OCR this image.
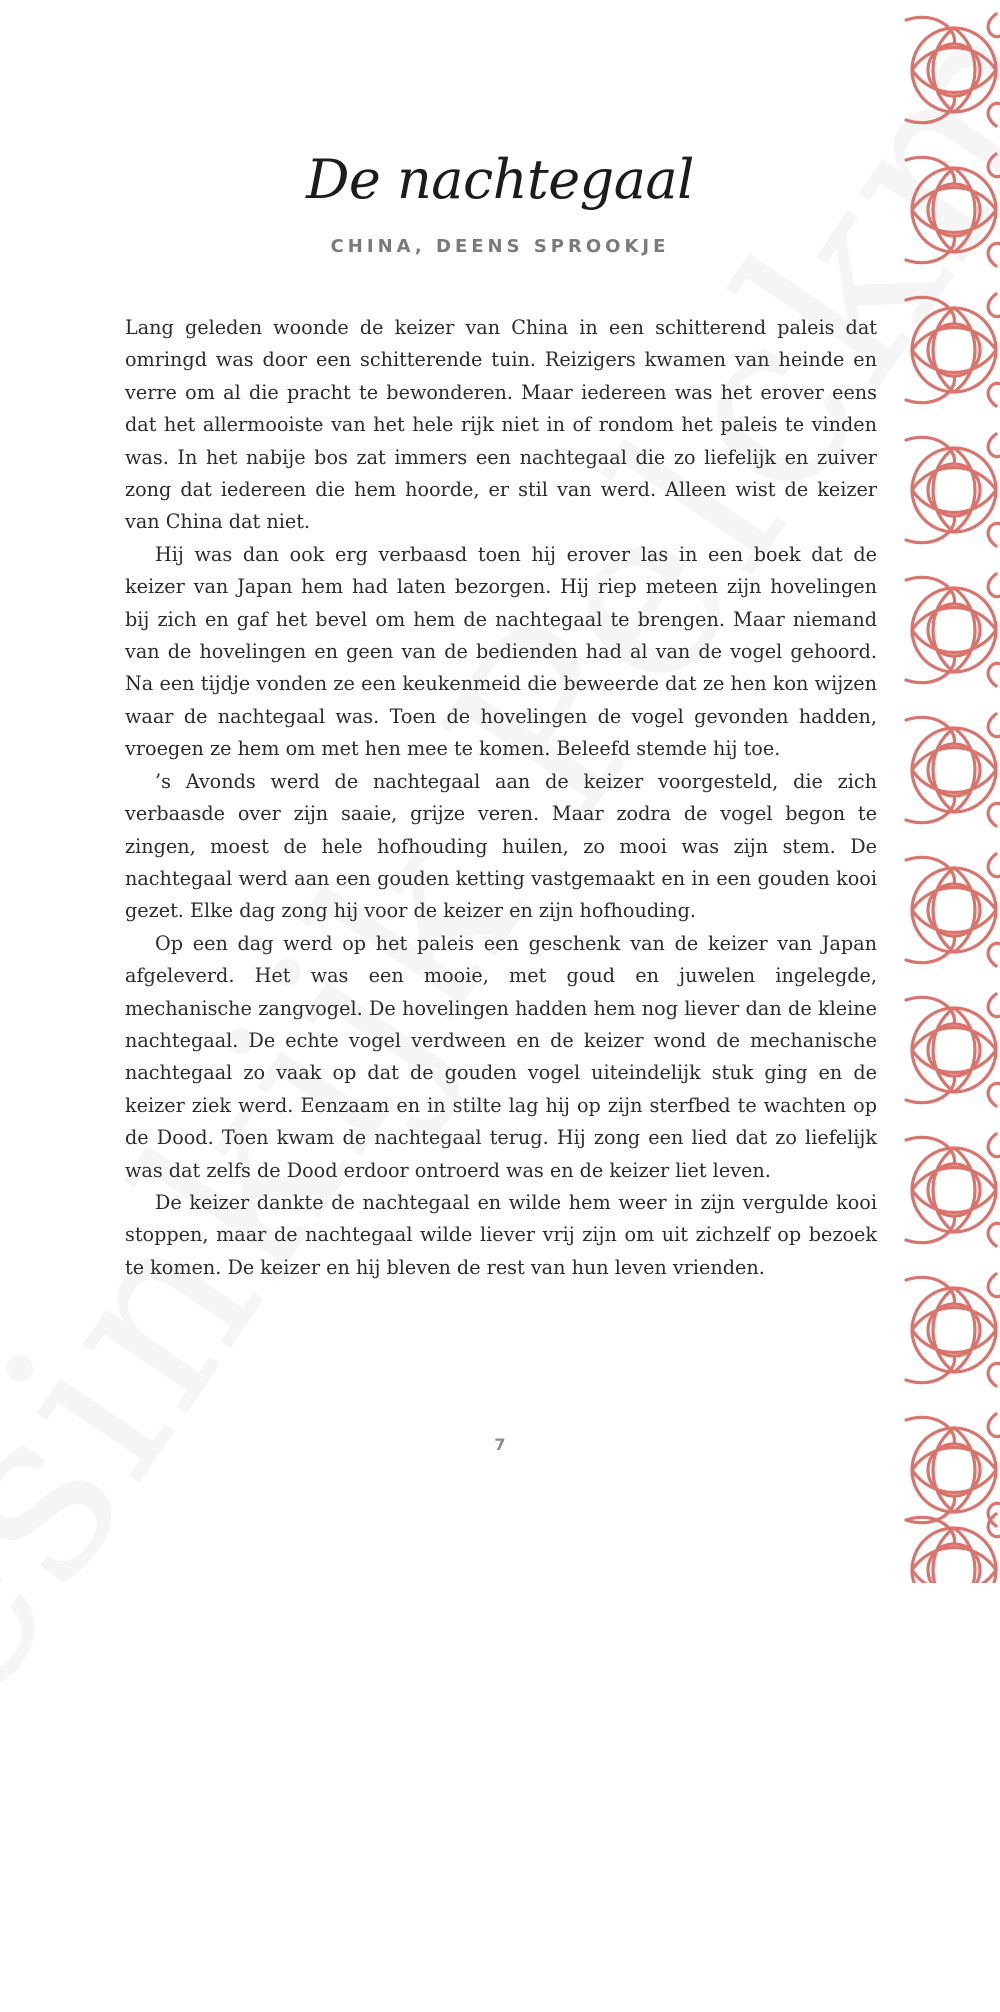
De nachtegaal
CHINA, DEENS SPROOKJE

Lang geleden woonde de keizer van China in een schitterend paleis dat omringd was door een schitterende tuin. Reizigers kwamen van heinde en verre om al die pracht te bewonderen. Maar iedereen was het erover eens dat het allermooiste van het hele rijk niet in of rondom het paleis te vinden was. In het nabije bos zat immers een nachtegaal die zo liefelijk en zuiver zong dat iedereen die hem hoorde, er stil van werd. Alleen wist de keizer van China dat niet.

Hij was dan ook erg verbaasd toen hij erover las in een boek dat de keizer van Japan hem had laten bezorgen. Hij riep meteen zijn hovelingen bij zich en gaf het bevel om hem de nachtegaal te brengen. Maar niemand van de hovelingen en geen van de bedienden had al van de vogel gehoord. Na een tijdje vonden ze een keukenmeid die beweerde dat ze hen kon wijzen waar de nachtegaal was. Toen de hovelingen de vogel gevonden hadden, vroegen ze hem om met hen mee te komen. Beleefd stemde hij toe.

’s Avonds werd de nachtegaal aan de keizer voorgesteld, die zich verbaasde over zijn saaie, grijze veren. Maar zodra de vogel begon te zingen, moest de hele hofhouding huilen, zo mooi was zijn stem. De nachtegaal werd aan een gouden ketting vastgemaakt en in een gouden kooi gezet. Elke dag zong hij voor de keizer en zijn hofhouding.

Op een dag werd op het paleis een geschenk van de keizer van Japan afgeleverd. Het was een mooie, met goud en juwelen ingelegde, mechanische zangvogel. De hovelingen hadden hem nog liever dan de kleine nachtegaal. De echte vogel verdween en de keizer wond de mechanische nachtegaal zo vaak op dat de gouden vogel uiteindelijk stuk ging en de keizer ziek werd. Eenzaam en in stilte lag hij op zijn sterfbed te wachten op de Dood. Toen kwam de nachtegaal terug. Hij zong een lied dat zo liefelijk was dat zelfs de Dood erdoor ontroerd was en de keizer liet leven.

De keizer dankte de nachtegaal en wilde hem weer in zijn vergulde kooi stoppen, maar de nachtegaal wilde liever vrij zijn om uit zichzelf op bezoek te komen. De keizer en hij bleven de rest van hun leven vrienden.

7
